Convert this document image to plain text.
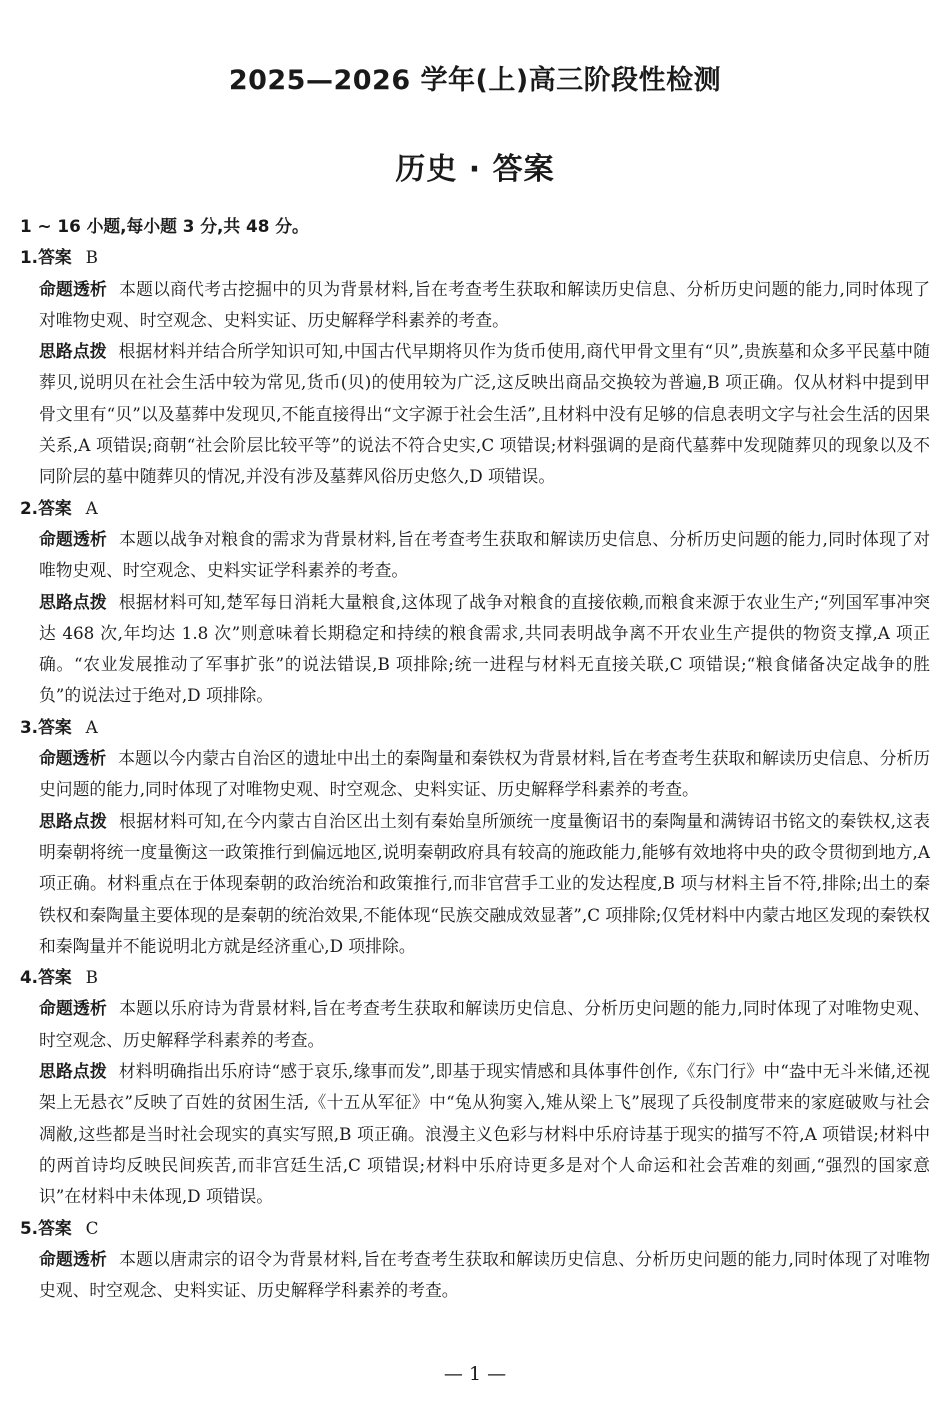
2025—2026 学年(上)高三阶段性检测
历史 · 答案

1 ~ 16 小题,每小题 3 分,共 48 分。

1.答案 B

命题透析 本题以商代考古挖掘中的贝为背景材料,旨在考查考生获取和解读历史信息、分析历史问题的能力,同时体现了对唯物史观、时空观念、史料实证、历史解释学科素养的考查。

思路点拨 根据材料并结合所学知识可知,中国古代早期将贝作为货币使用,商代甲骨文里有“贝”,贵族墓和众多平民墓中随葬贝,说明贝在社会生活中较为常见,货币(贝)的使用较为广泛,这反映出商品交换较为普遍,B 项正确。仅从材料中提到甲骨文里有“贝”以及墓葬中发现贝,不能直接得出“文字源于社会生活”,且材料中没有足够的信息表明文字与社会生活的因果关系,A 项错误;商朝“社会阶层比较平等”的说法不符合史实,C 项错误;材料强调的是商代墓葬中发现随葬贝的现象以及不同阶层的墓中随葬贝的情况,并没有涉及墓葬风俗历史悠久,D 项错误。

2.答案 A

命题透析 本题以战争对粮食的需求为背景材料,旨在考查考生获取和解读历史信息、分析历史问题的能力,同时体现了对唯物史观、时空观念、史料实证学科素养的考查。

思路点拨 根据材料可知,楚军每日消耗大量粮食,这体现了战争对粮食的直接依赖,而粮食来源于农业生产;“列国军事冲突达 468 次,年均达 1.8 次”则意味着长期稳定和持续的粮食需求,共同表明战争离不开农业生产提供的物资支撑,A 项正确。“农业发展推动了军事扩张”的说法错误,B 项排除;统一进程与材料无直接关联,C 项错误;“粮食储备决定战争的胜负”的说法过于绝对,D 项排除。

3.答案 A

命题透析 本题以今内蒙古自治区的遗址中出土的秦陶量和秦铁权为背景材料,旨在考查考生获取和解读历史信息、分析历史问题的能力,同时体现了对唯物史观、时空观念、史料实证、历史解释学科素养的考查。

思路点拨 根据材料可知,在今内蒙古自治区出土刻有秦始皇所颁统一度量衡诏书的秦陶量和满铸诏书铭文的秦铁权,这表明秦朝将统一度量衡这一政策推行到偏远地区,说明秦朝政府具有较高的施政能力,能够有效地将中央的政令贯彻到地方,A 项正确。材料重点在于体现秦朝的政治统治和政策推行,而非官营手工业的发达程度,B 项与材料主旨不符,排除;出土的秦铁权和秦陶量主要体现的是秦朝的统治效果,不能体现“民族交融成效显著”,C 项排除;仅凭材料中内蒙古地区发现的秦铁权和秦陶量并不能说明北方就是经济重心,D 项排除。

4.答案 B

命题透析 本题以乐府诗为背景材料,旨在考查考生获取和解读历史信息、分析历史问题的能力,同时体现了对唯物史观、时空观念、历史解释学科素养的考查。

思路点拨 材料明确指出乐府诗“感于哀乐,缘事而发”,即基于现实情感和具体事件创作,《东门行》中“盎中无斗米储,还视架上无悬衣”反映了百姓的贫困生活,《十五从军征》中“兔从狗窦入,雉从梁上飞”展现了兵役制度带来的家庭破败与社会凋敝,这些都是当时社会现实的真实写照,B 项正确。浪漫主义色彩与材料中乐府诗基于现实的描写不符,A 项错误;材料中的两首诗均反映民间疾苦,而非宫廷生活,C 项错误;材料中乐府诗更多是对个人命运和社会苦难的刻画,“强烈的国家意识”在材料中未体现,D 项错误。

5.答案 C

命题透析 本题以唐肃宗的诏令为背景材料,旨在考查考生获取和解读历史信息、分析历史问题的能力,同时体现了对唯物史观、时空观念、史料实证、历史解释学科素养的考查。

— 1 —
